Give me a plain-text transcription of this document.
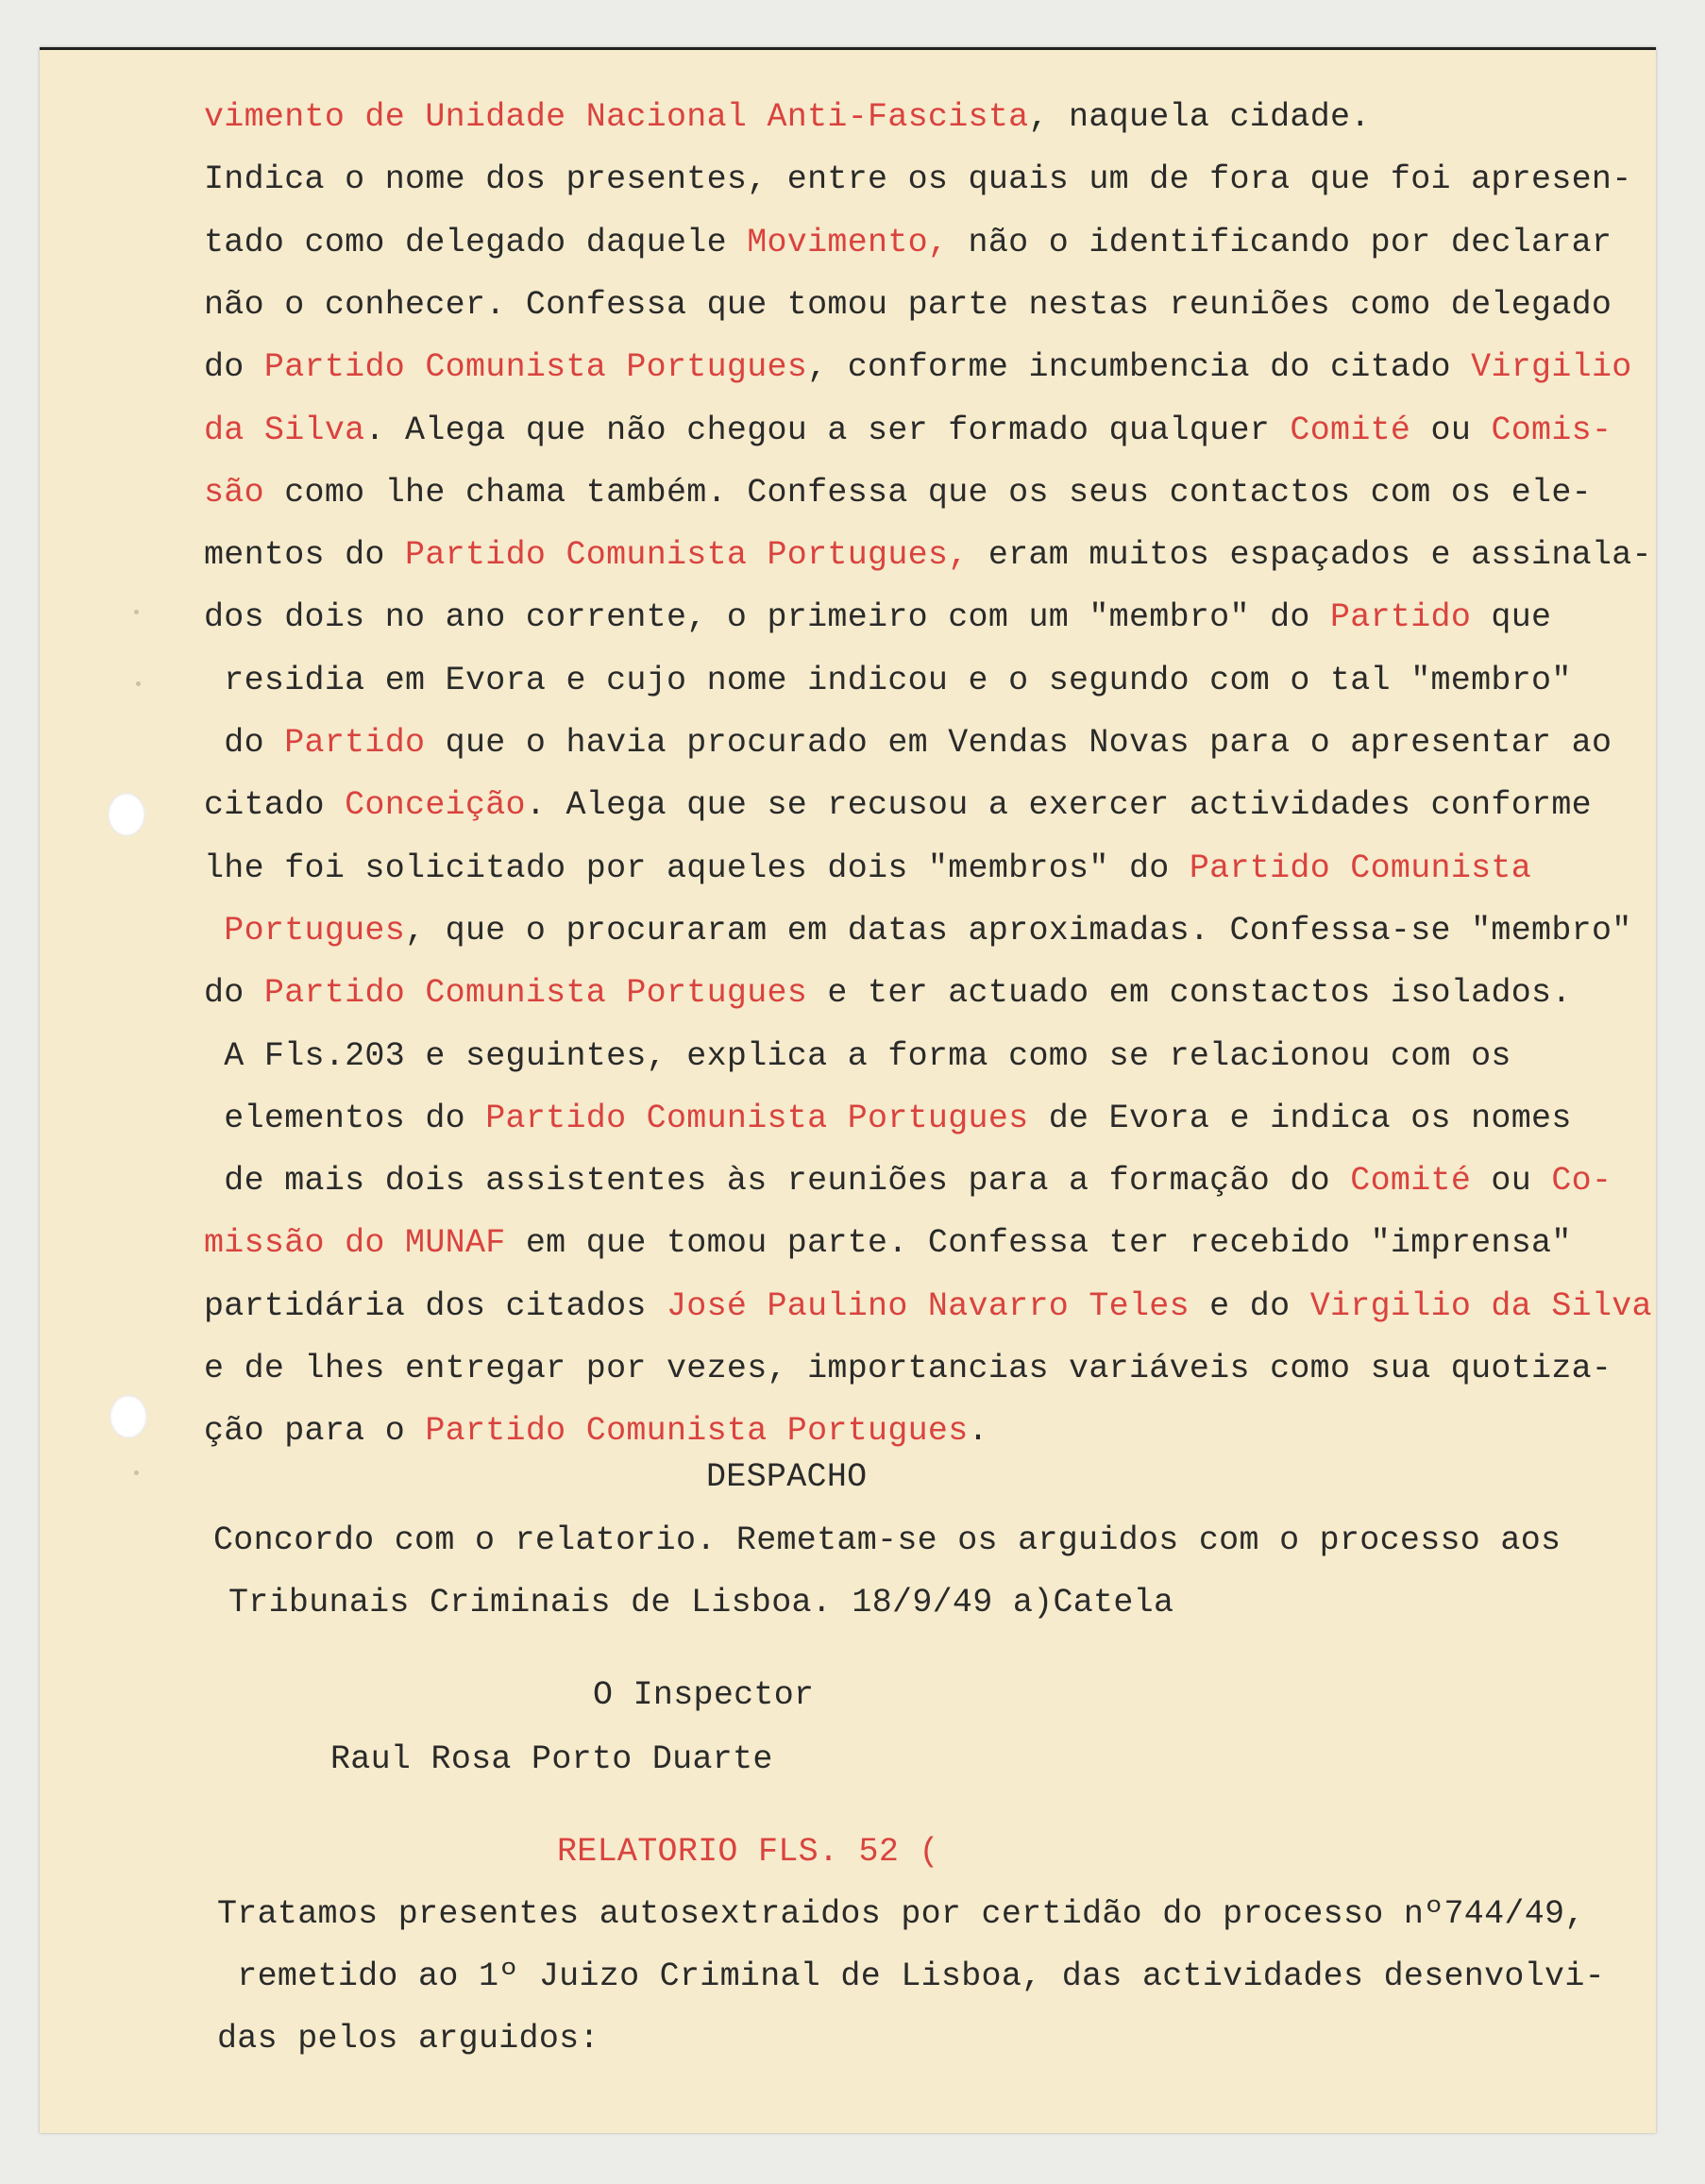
vimento de Unidade Nacional Anti-Fascista, naquela cidade.
Indica o nome dos presentes, entre os quais um de fora que foi apresen-
tado como delegado daquele Movimento, não o identificando por declarar
não o conhecer. Confessa que tomou parte nestas reuniões como delegado
do Partido Comunista Portugues, conforme incumbencia do citado Virgilio
da Silva. Alega que não chegou a ser formado qualquer Comité ou Comis-
são como lhe chama também. Confessa que os seus contactos com os ele-
mentos do Partido Comunista Portugues, eram muitos espaçados e assinala-
dos dois no ano corrente, o primeiro com um "membro" do Partido que
residia em Evora e cujo nome indicou e o segundo com o tal "membro"
do Partido que o havia procurado em Vendas Novas para o apresentar ao
citado Conceição. Alega que se recusou a exercer actividades conforme
lhe foi solicitado por aqueles dois "membros" do Partido Comunista
Portugues, que o procuraram em datas aproximadas. Confessa-se "membro"
do Partido Comunista Portugues e ter actuado em constactos isolados.
A Fls.203 e seguintes, explica a forma como se relacionou com os
elementos do Partido Comunista Portugues de Evora e indica os nomes
de mais dois assistentes às reuniões para a formação do Comité ou Co-
missão do MUNAF em que tomou parte. Confessa ter recebido "imprensa"
partidária dos citados José Paulino Navarro Teles e do Virgilio da Silva
e de lhes entregar por vezes, importancias variáveis como sua quotiza-
ção para o Partido Comunista Portugues.
DESPACHO
Concordo com o relatorio. Remetam-se os arguidos com o processo aos
Tribunais Criminais de Lisboa. 18/9/49 a)Catela
O Inspector
Raul Rosa Porto Duarte
RELATORIO FLS. 52 (
Tratamos presentes autosextraidos por certidão do processo nº744/49,
remetido ao 1º Juizo Criminal de Lisboa, das actividades desenvolvi-
das pelos arguidos:
